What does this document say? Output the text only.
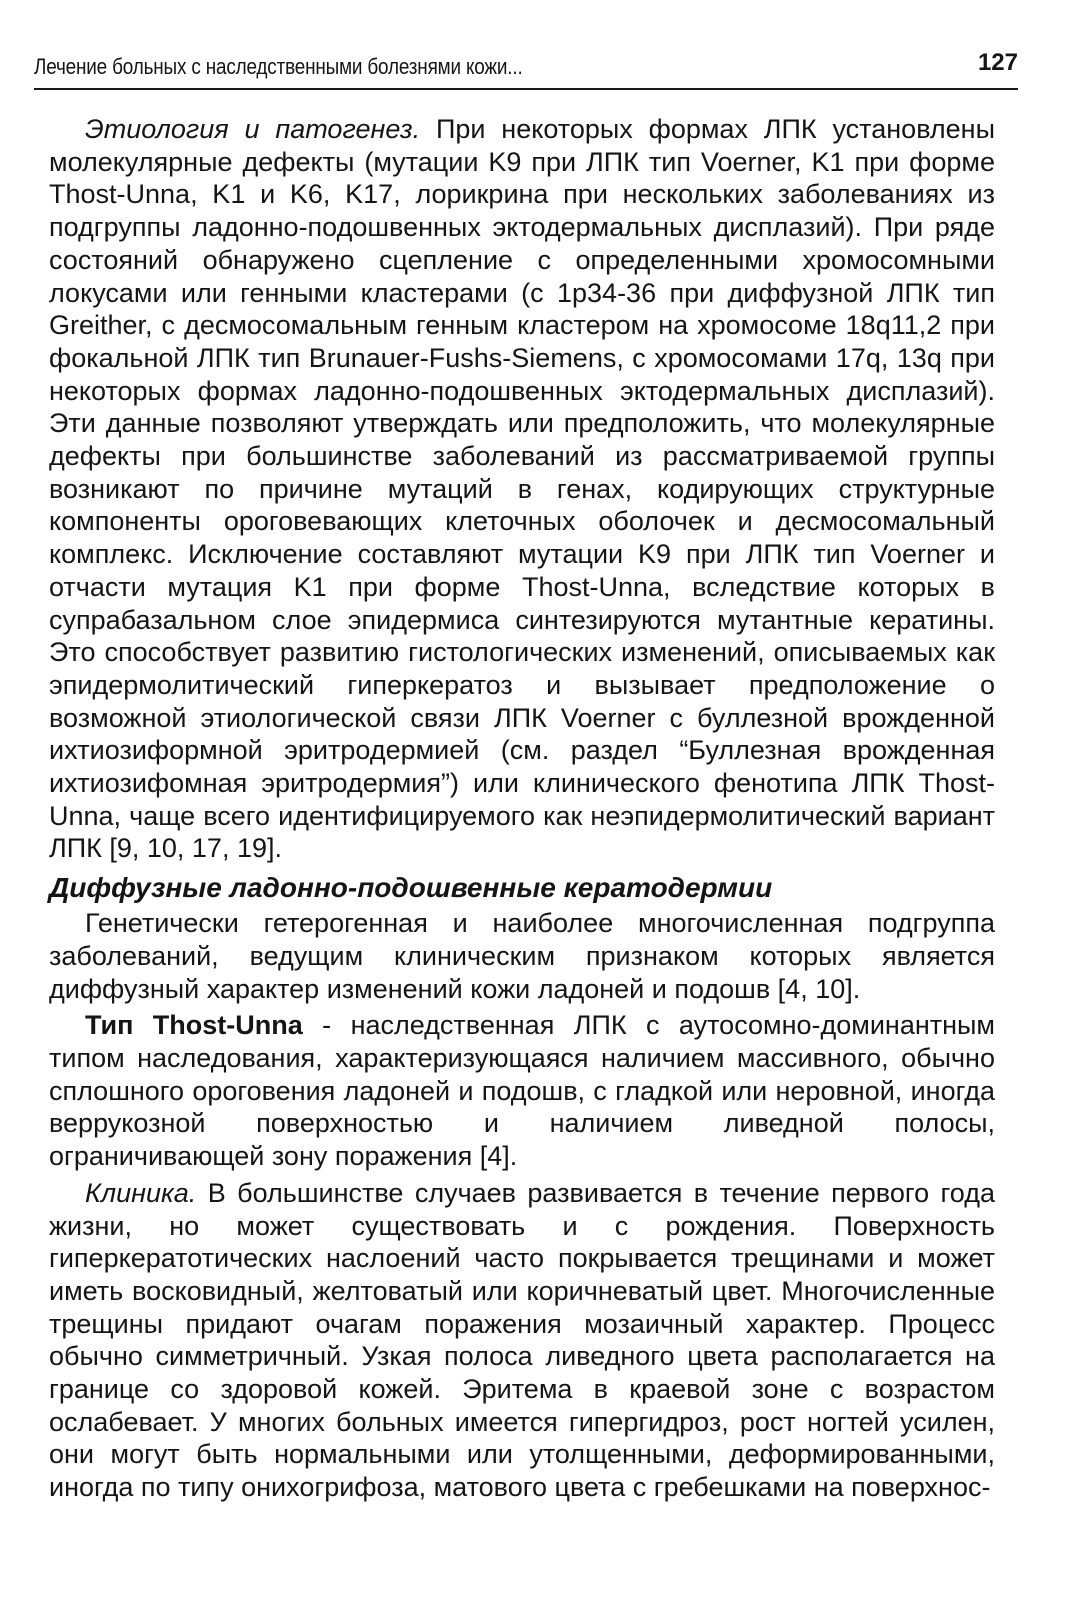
Лечение больных с наследственными болезнями кожи...	127

Этиология и патогенез. При некоторых формах ЛПК установлены молекулярные дефекты (мутации K9 при ЛПК тип Voerner, K1 при форме Thost-Unna, K1 и K6, K17, лорикрина при нескольких заболеваниях из подгруппы ладонно-подошвенных эктодермальных дисплазий). При ряде состояний обнаружено сцепление с определенными хромосомными локусами или генными кластерами (с 1p34-36 при диффузной ЛПК тип Greither, с десмосомальным генным кластером на хромосоме 18q11,2 при фокальной ЛПК тип Brunauer-Fushs-Siemens, с хромосомами 17q, 13q при некоторых формах ладонно-подошвенных эктодермальных дисплазий). Эти данные позволяют утверждать или предположить, что молекулярные дефекты при большинстве заболеваний из рассматриваемой группы возникают по причине мутаций в генах, кодирующих структурные компоненты ороговевающих клеточных оболочек и десмосомальный комплекс. Исключение составляют мутации K9 при ЛПК тип Voerner и отчасти мутация K1 при форме Thost-Unna, вследствие которых в супрабазальном слое эпидермиса синтезируются мутантные кератины. Это способствует развитию гистологических изменений, описываемых как эпидермолитический гиперкератоз и вызывает предположение о возможной этиологической связи ЛПК Voerner с буллезной врожденной ихтиозиформной эритродермией (см. раздел “Буллезная врожденная ихтиозифомная эритродермия”) или клинического фенотипа ЛПК Thost-Unna, чаще всего идентифицируемого как неэпидермолитический вариант ЛПК [9, 10, 17, 19].

Диффузные ладонно-подошвенные кератодермии

Генетически гетерогенная и наиболее многочисленная подгруппа заболеваний, ведущим клиническим признаком которых является диффузный характер изменений кожи ладоней и подошв [4, 10].

Тип Thost-Unna - наследственная ЛПК с аутосомно-доминантным типом наследования, характеризующаяся наличием массивного, обычно сплошного ороговения ладоней и подошв, с гладкой или неровной, иногда веррукозной поверхностью и наличием ливедной полосы, ограничивающей зону поражения [4].

Клиника. В большинстве случаев развивается в течение первого года жизни, но может существовать и с рождения. Поверхность гиперкератотических наслоений часто покрывается трещинами и может иметь восковидный, желтоватый или коричневатый цвет. Многочисленные трещины придают очагам поражения мозаичный характер. Процесс обычно симметричный. Узкая полоса ливедного цвета располагается на границе со здоровой кожей. Эритема в краевой зоне с возрастом ослабевает. У многих больных имеется гипергидроз, рост ногтей усилен, они могут быть нормальными или утолщенными, деформированными, иногда по типу онихогрифоза, матового цвета с гребешками на поверхнос-
